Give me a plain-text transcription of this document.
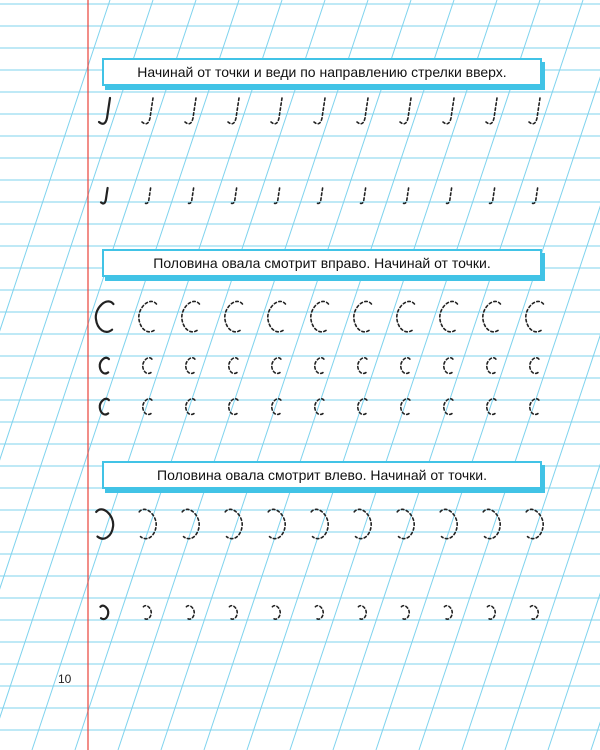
Начинай от точки и веди по направлению стрелки вверх.
Половина овала смотрит вправо. Начинай от точки.
Половина овала смотрит влево. Начинай от точки.
10
